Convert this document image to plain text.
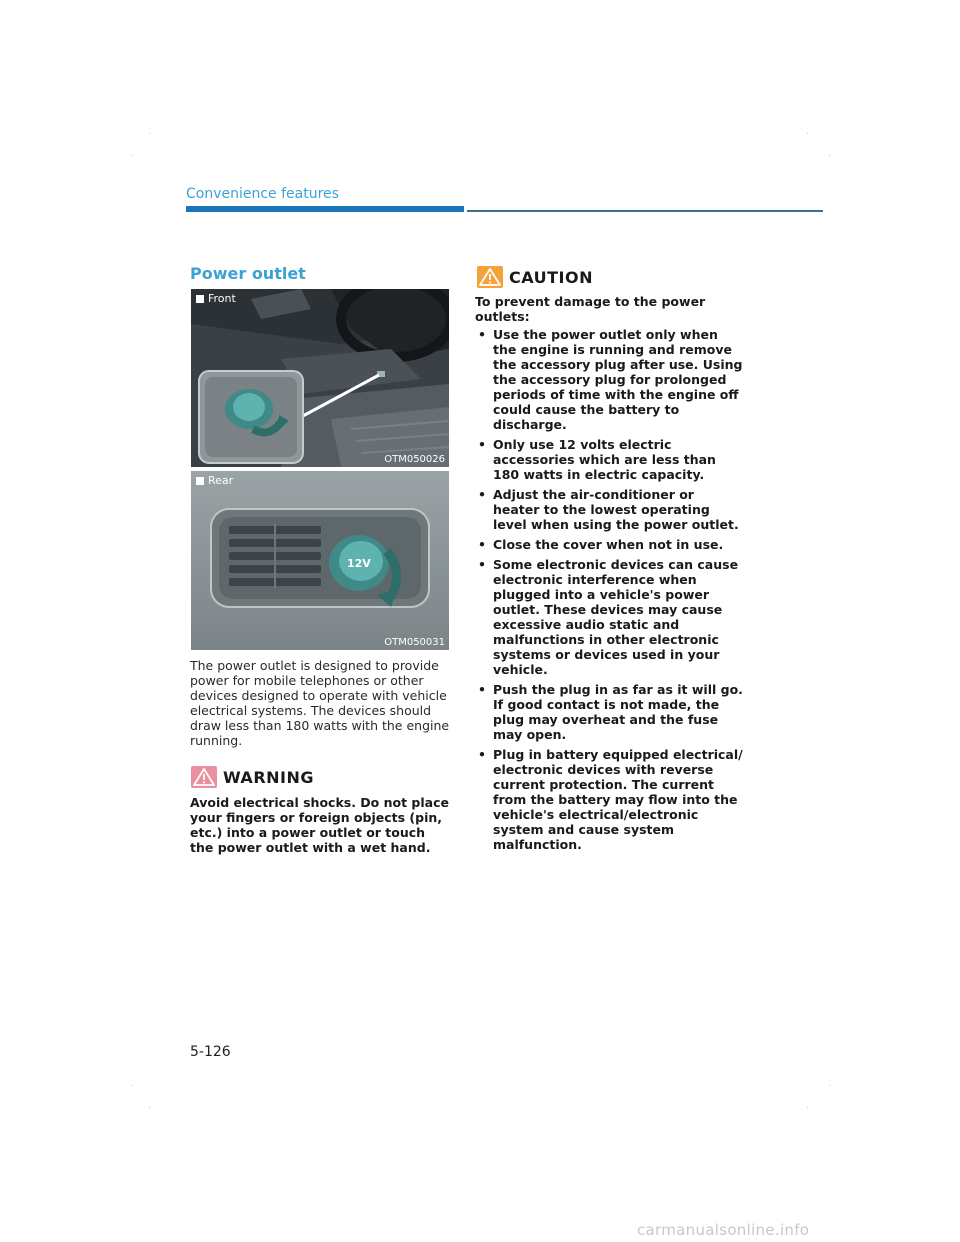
·	·
·	·
·	·
·	·
Convenience features
Power outlet
Front
OTM050026
12V
Rear
OTM050031
The power outlet is designed to provide power for mobile telephones or other devices designed to operate with vehicle electrical systems. The devices should draw less than 180 watts with the engine running.
WARNING
Avoid electrical shocks. Do not place your fingers or foreign objects (pin, etc.) into a power outlet or touch the power outlet with a wet hand.
CAUTION
To prevent damage to the power outlets:
• Use the power outlet only when the engine is running and remove the accessory plug after use. Using the accessory plug for prolonged periods of time with the engine off could cause the battery to discharge.
• Only use 12 volts electric accessories which are less than 180 watts in electric capacity.
• Adjust the air-conditioner or heater to the lowest operating level when using the power outlet.
• Close the cover when not in use.
• Some electronic devices can cause electronic interference when plugged into a vehicle's power outlet. These devices may cause excessive audio static and malfunctions in other electronic systems or devices used in your vehicle.
• Push the plug in as far as it will go. If good contact is not made, the plug may overheat and the fuse may open.
• Plug in battery equipped electrical/ electronic devices with reverse current protection. The current from the battery may flow into the vehicle's electrical/electronic system and cause system malfunction.
5-126
carmanualsonline.info
